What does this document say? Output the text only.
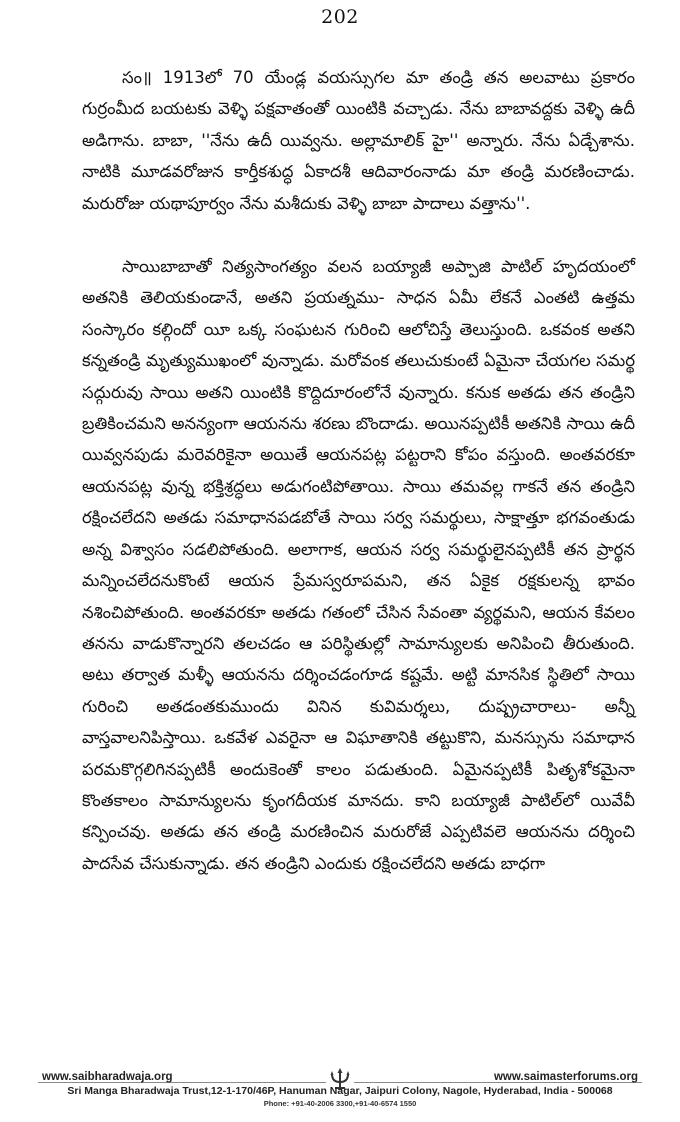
202

సం॥ 1913లో 70 యేండ్ల వయస్సుగల మా తండ్రి తన అలవాటు ప్రకారం గుర్రంమీద బయటకు వెళ్ళి పక్షవాతంతో యింటికి వచ్చాడు. నేను బాబావద్దకు వెళ్ళి ఉదీ అడిగాను. బాబా, ''నేను ఉదీ యివ్వను. అల్లామాలిక్ హై'' అన్నారు. నేను ఏడ్చేశాను. నాటికి మూడవరోజున కార్తీకశుద్ధ ఏకాదశీ ఆదివారంనాడు మా తండ్రి మరణించాడు. మరురోజు యథాపూర్వం నేను మశీదుకు వెళ్ళి బాబా పాదాలు వత్తాను''.

సాయిబాబాతో నిత్యసాంగత్యం వలన బయ్యాజీ అప్పాజి పాటిల్ హృదయంలో అతనికి తెలియకుండానే, అతని ప్రయత్నము- సాధన ఏమీ లేకనే ఎంతటి ఉత్తమ సంస్కారం కల్గిందో యీ ఒక్క సంఘటన గురించి ఆలోచిస్తే తెలుస్తుంది. ఒకవంక అతని కన్నతండ్రి మృత్యుముఖంలో వున్నాడు. మరోవంక తలుచుకుంటే ఏమైనా చేయగల సమర్థ సద్గురువు సాయి అతని యింటికి కొద్దిదూరంలోనే వున్నారు. కనుక అతడు తన తండ్రిని బ్రతికించమని అనన్యంగా ఆయనను శరణు బొందాడు. అయినప్పటికీ అతనికి సాయి ఉదీ యివ్వనపుడు మరెవరికైనా అయితే ఆయనపట్ల పట్టరాని కోపం వస్తుంది. అంతవరకూ ఆయనపట్ల వున్న భక్తిశ్రద్ధలు అడుగంటిపోతాయి. సాయి తమవల్ల గాకనే తన తండ్రిని రక్షించలేదని అతడు సమాధానపడబోతే సాయి సర్వ సమర్థులు, సాక్షాత్తూ భగవంతుడు అన్న విశ్వాసం సడలిపోతుంది. అలాగాక, ఆయన సర్వ సమర్థులైనప్పటికీ తన ప్రార్థన మన్నించలేదనుకొంటే ఆయన ప్రేమస్వరూపమని, తన ఏకైక రక్షకులన్న భావం నశించిపోతుంది. అంతవరకూ అతడు గతంలో చేసిన సేవంతా వ్యర్థమని, ఆయన కేవలం తనను వాడుకొన్నారని తలచడం ఆ పరిస్థితుల్లో సామాన్యులకు అనిపించి తీరుతుంది. అటు తర్వాత మళ్ళీ ఆయనను దర్శించడంగూడ కష్టమే. అట్టి మానసిక స్థితిలో సాయి గురించి అతడంతకుముందు వినిన కువిమర్శలు, దుష్ప్రచారాలు- అన్నీ వాస్తవాలనిపిస్తాయి. ఒకవేళ ఎవరైనా ఆ విఘాతానికి తట్టుకొని, మనస్సును సమాధాన పరమకొగ్గలిగినప్పటికీ అందుకెంతో కాలం పడుతుంది. ఏమైనప్పటికీ పితృశోకమైనా కొంతకాలం సామాన్యులను కృంగదీయక మానదు. కాని బయ్యాజీ పాటిల్‌లో యివేవీ కన్పించవు. అతడు తన తండ్రి మరణించిన మరురోజే ఎప్పటివలె ఆయనను దర్శించి పాదసేవ చేసుకున్నాడు. తన తండ్రిని ఎందుకు రక్షించలేదని అతడు బాధగా

www.saibharadwaja.org	www.saimasterforums.org
Sri Manga Bharadwaja Trust,12-1-170/46P, Hanuman Nagar, Jaipuri Colony, Nagole, Hyderabad, India - 500068
Phone: +91-40-2006 3300,+91-40-6574 1550
